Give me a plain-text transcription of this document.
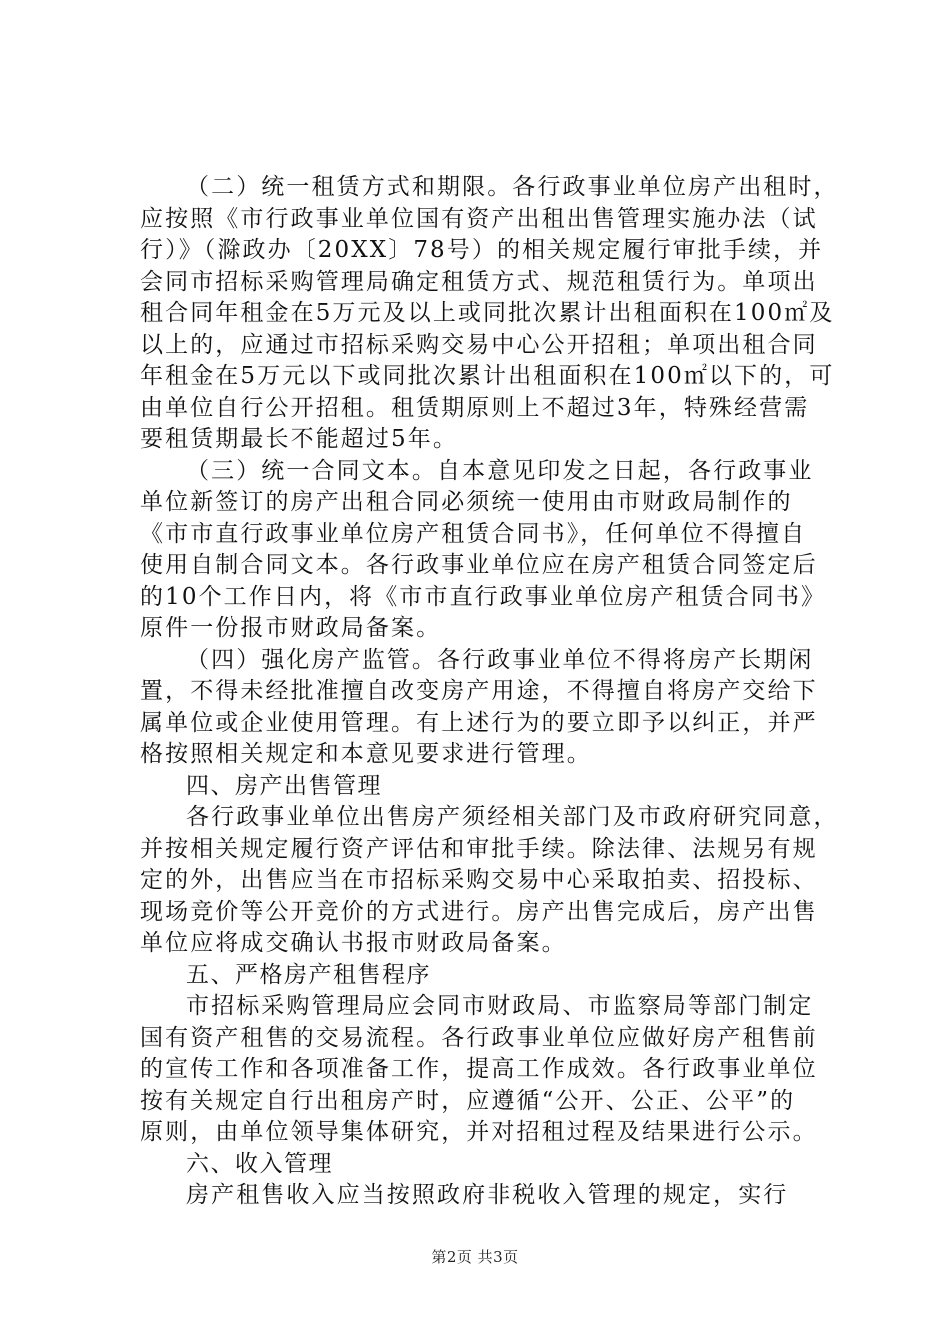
（二）统一租赁方式和期限。各行政事业单位房产出租时，
应按照《市行政事业单位国有资产出租出售管理实施办法（试
行）》（滁政办〔20XX〕78号）的相关规定履行审批手续，并
会同市招标采购管理局确定租赁方式、规范租赁行为。单项出
租合同年租金在5万元及以上或同批次累计出租面积在100㎡及
以上的，应通过市招标采购交易中心公开招租；单项出租合同
年租金在5万元以下或同批次累计出租面积在100㎡以下的，可
由单位自行公开招租。租赁期原则上不超过3年，特殊经营需
要租赁期最长不能超过5年。
（三）统一合同文本。自本意见印发之日起，各行政事业
单位新签订的房产出租合同必须统一使用由市财政局制作的
《市市直行政事业单位房产租赁合同书》，任何单位不得擅自
使用自制合同文本。各行政事业单位应在房产租赁合同签定后
的10个工作日内，将《市市直行政事业单位房产租赁合同书》
原件一份报市财政局备案。
（四）强化房产监管。各行政事业单位不得将房产长期闲
置，不得未经批准擅自改变房产用途，不得擅自将房产交给下
属单位或企业使用管理。有上述行为的要立即予以纠正，并严
格按照相关规定和本意见要求进行管理。
四、房产出售管理
各行政事业单位出售房产须经相关部门及市政府研究同意，
并按相关规定履行资产评估和审批手续。除法律、法规另有规
定的外，出售应当在市招标采购交易中心采取拍卖、招投标、
现场竞价等公开竞价的方式进行。房产出售完成后，房产出售
单位应将成交确认书报市财政局备案。
五、严格房产租售程序
市招标采购管理局应会同市财政局、市监察局等部门制定
国有资产租售的交易流程。各行政事业单位应做好房产租售前
的宣传工作和各项准备工作，提高工作成效。各行政事业单位
按有关规定自行出租房产时，应遵循“公开、公正、公平”的
原则，由单位领导集体研究，并对招租过程及结果进行公示。
六、收入管理
房产租售收入应当按照政府非税收入管理的规定，实行
第2页 共3页
